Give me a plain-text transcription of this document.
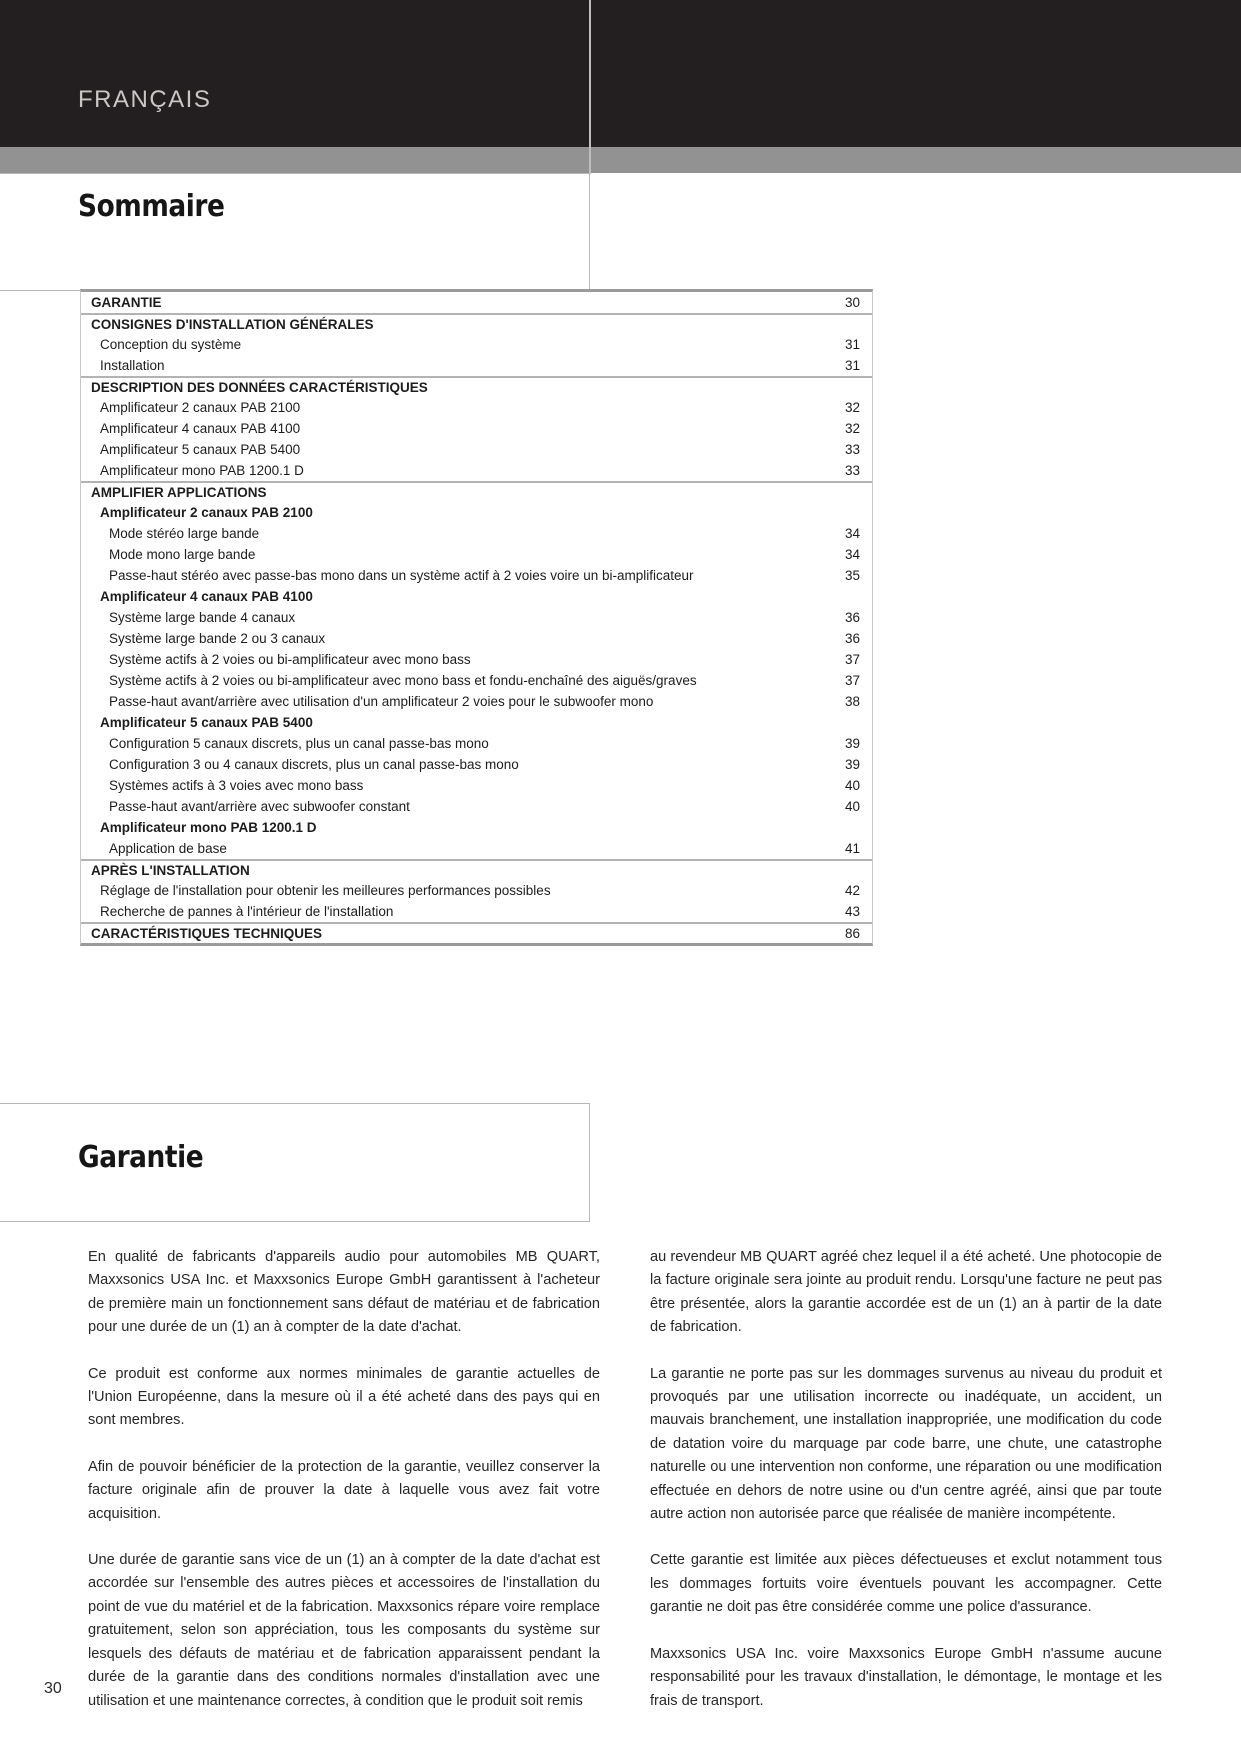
FRANÇAIS
Sommaire
GARANTIE	30
CONSIGNES D'INSTALLATION GÉNÉRALES
Conception du système	31
Installation	31
DESCRIPTION DES DONNÉES CARACTÉRISTIQUES
Amplificateur 2 canaux PAB 2100	32
Amplificateur 4 canaux PAB 4100	32
Amplificateur 5 canaux PAB 5400	33
Amplificateur mono PAB 1200.1 D	33
AMPLIFIER APPLICATIONS
Amplificateur 2 canaux PAB 2100
Mode stéréo large bande	34
Mode mono large bande	34
Passe-haut stéréo avec passe-bas mono dans un système actif à 2 voies voire un bi-amplificateur	35
Amplificateur 4 canaux PAB 4100
Système large bande 4 canaux	36
Système large bande 2 ou 3 canaux	36
Système actifs à 2 voies ou bi-amplificateur avec mono bass	37
Système actifs à 2 voies ou bi-amplificateur avec mono bass et fondu-enchaîné des aiguës/graves	37
Passe-haut avant/arrière avec utilisation d'un amplificateur 2 voies pour le subwoofer mono	38
Amplificateur 5 canaux PAB 5400
Configuration 5 canaux discrets, plus un canal passe-bas mono	39
Configuration 3 ou 4 canaux discrets, plus un canal passe-bas mono	39
Systèmes actifs à 3 voies avec mono bass	40
Passe-haut avant/arrière avec subwoofer constant	40
Amplificateur mono PAB 1200.1 D
Application de base	41
APRÈS L'INSTALLATION
Réglage de l'installation pour obtenir les meilleures performances possibles	42
Recherche de pannes à l'intérieur de l'installation	43
CARACTÉRISTIQUES TECHNIQUES	86
Garantie

En qualité de fabricants d'appareils audio pour automobiles MB QUART, Maxxsonics USA Inc. et Maxxsonics Europe GmbH garantissent à l'acheteur de première main un fonctionnement sans défaut de matériau et de fabrication pour une durée de un (1) an à compter de la date d'achat.

Ce produit est conforme aux normes minimales de garantie actuelles de l'Union Européenne, dans la mesure où il a été acheté dans des pays qui en sont membres.

Afin de pouvoir bénéficier de la protection de la garantie, veuillez conserver la facture originale afin de prouver la date à laquelle vous avez fait votre acquisition.

Une durée de garantie sans vice de un (1) an à compter de la date d'achat est accordée sur l'ensemble des autres pièces et accessoires de l'installation du point de vue du matériel et de la fabrication. Maxxsonics répare voire remplace gratuitement, selon son appréciation, tous les composants du système sur lesquels des défauts de matériau et de fabrication apparaissent pendant la durée de la garantie dans des conditions normales d'installation avec une utilisation et une maintenance correctes, à condition que le produit soit remis

au revendeur MB QUART agréé chez lequel il a été acheté. Une photocopie de la facture originale sera jointe au produit rendu. Lorsqu'une facture ne peut pas être présentée, alors la garantie accordée est de un (1) an à partir de la date de fabrication.

La garantie ne porte pas sur les dommages survenus au niveau du produit et provoqués par une utilisation incorrecte ou inadéquate, un accident, un mauvais branchement, une installation inappropriée, une modification du code de datation voire du marquage par code barre, une chute, une catastrophe naturelle ou une intervention non conforme, une réparation ou une modification effectuée en dehors de notre usine ou d'un centre agréé, ainsi que par toute autre action non autorisée parce que réalisée de manière incompétente.

Cette garantie est limitée aux pièces défectueuses et exclut notamment tous les dommages fortuits voire éventuels pouvant les accompagner. Cette garantie ne doit pas être considérée comme une police d'assurance.

Maxxsonics USA Inc. voire Maxxsonics Europe GmbH n'assume aucune responsabilité pour les travaux d'installation, le démontage, le montage et les frais de transport.

30
